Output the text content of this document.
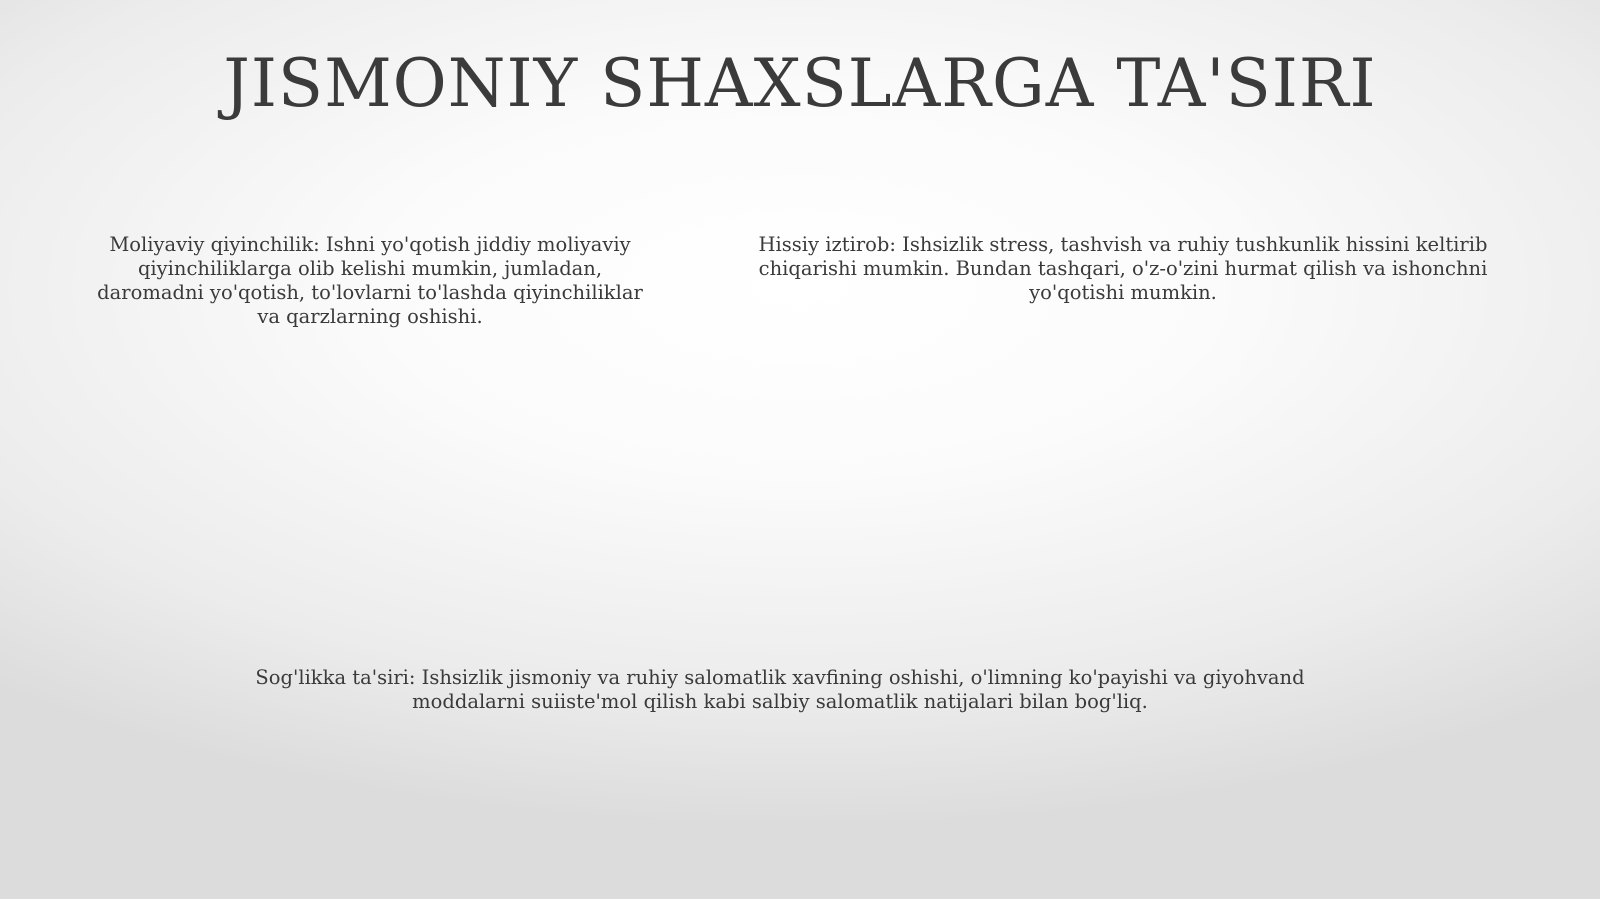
JISMONIY SHAXSLARGA TA'SIRI

Moliyaviy qiyinchilik: Ishni yo'qotish jiddiy moliyaviy qiyinchiliklarga olib kelishi mumkin, jumladan, daromadni yo'qotish, to'lovlarni to'lashda qiyinchiliklar va qarzlarning oshishi.

Hissiy iztirob: Ishsizlik stress, tashvish va ruhiy tushkunlik hissini keltirib chiqarishi mumkin. Bundan tashqari, o'z-o'zini hurmat qilish va ishonchni yo'qotishi mumkin.

Sog'likka ta'siri: Ishsizlik jismoniy va ruhiy salomatlik xavfining oshishi, o'limning ko'payishi va giyohvand moddalarni suiiste'mol qilish kabi salbiy salomatlik natijalari bilan bog'liq.
